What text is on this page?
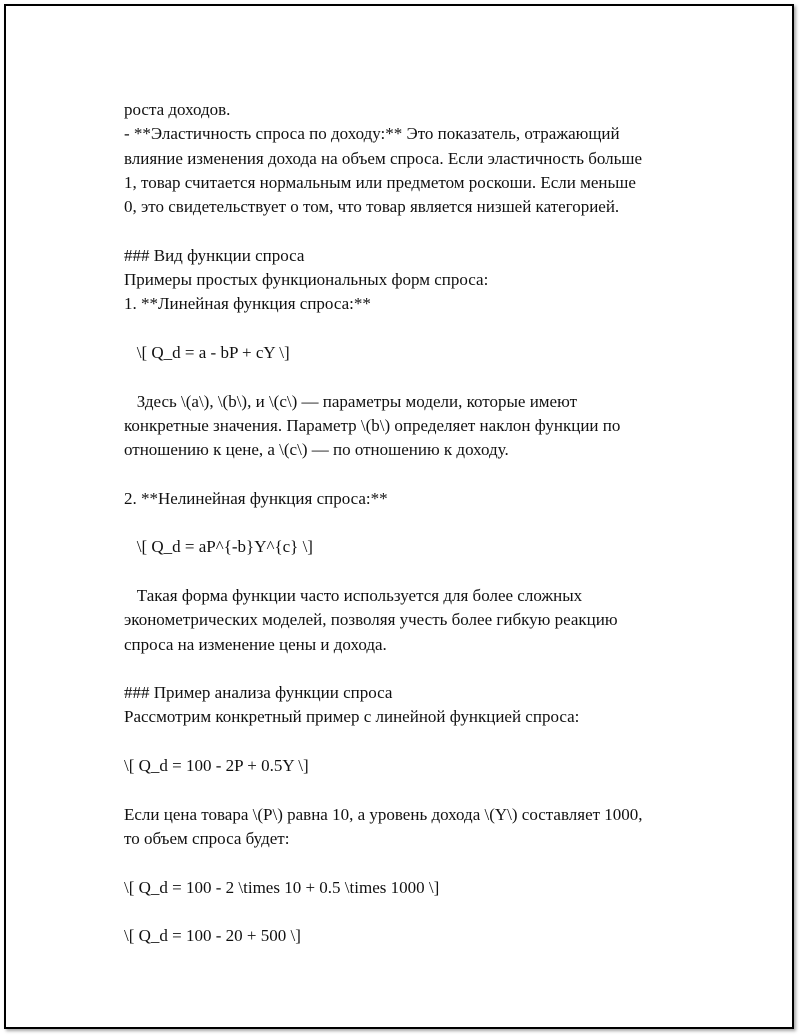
роста доходов.
- **Эластичность спроса по доходу:** Это показатель, отражающий
влияние изменения дохода на объем спроса. Если эластичность больше
1, товар считается нормальным или предметом роскоши. Если меньше
0, это свидетельствует о том, что товар является низшей категорией.
### Вид функции спроса
Примеры простых функциональных форм спроса:
1. **Линейная функция спроса:**
\[ Q_d = a - bP + cY \]
Здесь \(a\), \(b\), и \(c\) — параметры модели, которые имеют
конкретные значения. Параметр \(b\) определяет наклон функции по
отношению к цене, а \(c\) — по отношению к доходу.
2. **Нелинейная функция спроса:**
\[ Q_d = aP^{-b}Y^{c} \]
Такая форма функции часто используется для более сложных
эконометрических моделей, позволяя учесть более гибкую реакцию
спроса на изменение цены и дохода.
### Пример анализа функции спроса
Рассмотрим конкретный пример с линейной функцией спроса:
\[ Q_d = 100 - 2P + 0.5Y \]
Если цена товара \(P\) равна 10, а уровень дохода \(Y\) составляет 1000,
то объем спроса будет:
\[ Q_d = 100 - 2 \times 10 + 0.5 \times 1000 \]
\[ Q_d = 100 - 20 + 500 \]
